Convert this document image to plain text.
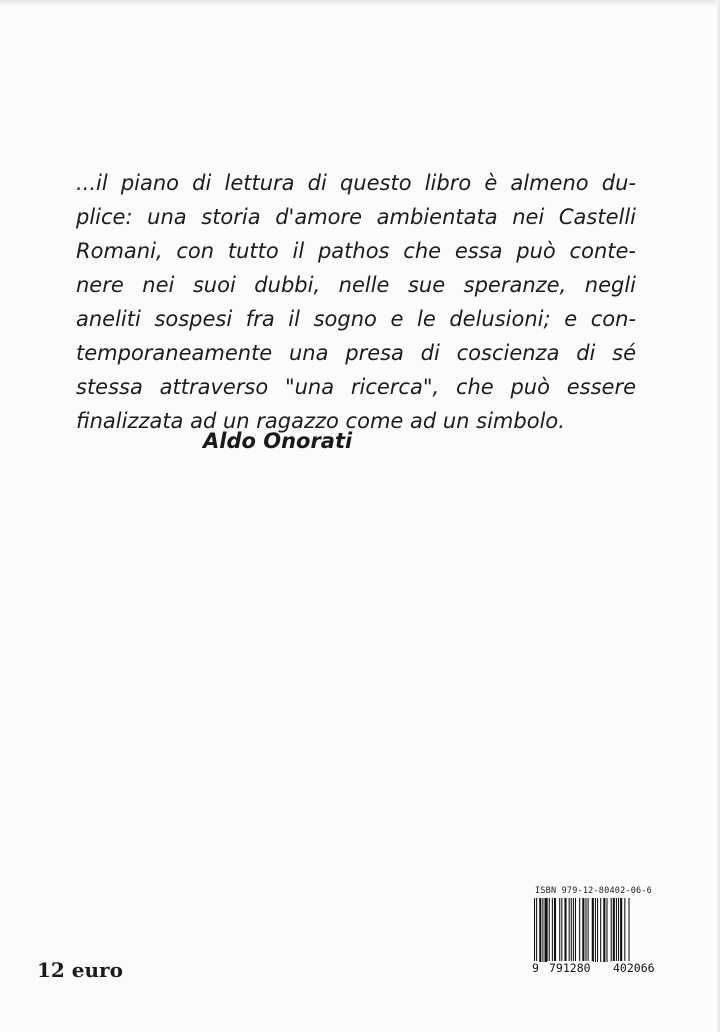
...il piano di lettura di questo libro è almeno du-
plice: una storia d'amore ambientata nei Castelli
Romani, con tutto il pathos che essa può conte-
nere nei suoi dubbi, nelle sue speranze, negli
aneliti sospesi fra il sogno e le delusioni; e con-
temporaneamente una presa di coscienza di sé
stessa attraverso "una ricerca", che può essere
finalizzata ad un ragazzo come ad un simbolo.
Aldo Onorati
12 euro
ISBN 979-12-80402-06-6
9 791280 402066
